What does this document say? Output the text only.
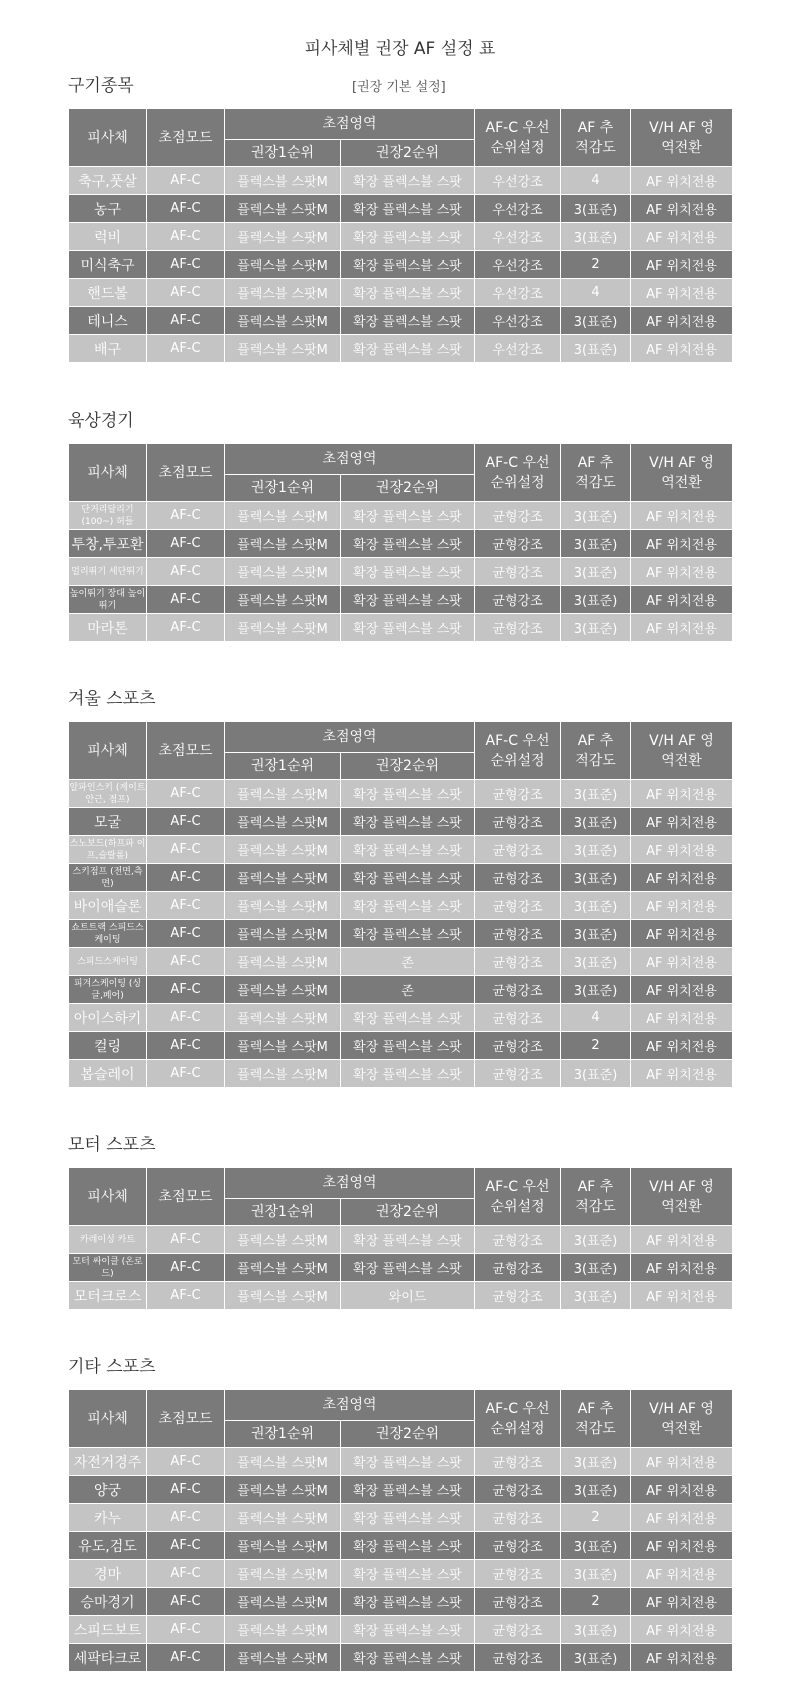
피사체별 권장 AF 설정 표
구기종목	[권장 기본 설정]
피사체	초점모드	초점영역		AF-C 우선 순위설정	AF 추적감도	V/H AF 영역전환
		권장1순위	권장2순위			
축구,풋살	AF-C	플렉스블 스팟M	확장 플렉스블 스팟	우선강조	4	AF 위치전용
농구	AF-C	플렉스블 스팟M	확장 플렉스블 스팟	우선강조	3(표준)	AF 위치전용
럭비	AF-C	플렉스블 스팟M	확장 플렉스블 스팟	우선강조	3(표준)	AF 위치전용
미식축구	AF-C	플렉스블 스팟M	확장 플렉스블 스팟	우선강조	2	AF 위치전용
핸드볼	AF-C	플렉스블 스팟M	확장 플렉스블 스팟	우선강조	4	AF 위치전용
테니스	AF-C	플렉스블 스팟M	확장 플렉스블 스팟	우선강조	3(표준)	AF 위치전용
배구	AF-C	플렉스블 스팟M	확장 플렉스블 스팟	우선강조	3(표준)	AF 위치전용
육상경기
피사체	초점모드	초점영역		AF-C 우선 순위설정	AF 추적감도	V/H AF 영역전환
		권장1순위	권장2순위			
단거리달리기 (100~) 허들	AF-C	플렉스블 스팟M	확장 플렉스블 스팟	균형강조	3(표준)	AF 위치전용
투창,투포환	AF-C	플렉스블 스팟M	확장 플렉스블 스팟	균형강조	3(표준)	AF 위치전용
멀리뛰기 세단뛰기	AF-C	플렉스블 스팟M	확장 플렉스블 스팟	균형강조	3(표준)	AF 위치전용
높이뛰기 장대 높이뛰기	AF-C	플렉스블 스팟M	확장 플렉스블 스팟	균형강조	3(표준)	AF 위치전용
마라톤	AF-C	플렉스블 스팟M	확장 플렉스블 스팟	균형강조	3(표준)	AF 위치전용
겨울 스포츠
피사체	초점모드	초점영역		AF-C 우선 순위설정	AF 추적감도	V/H AF 영역전환
		권장1순위	권장2순위			
알파인스키 (게이트 안근, 점프)	AF-C	플렉스블 스팟M	확장 플렉스블 스팟	균형강조	3(표준)	AF 위치전용
모굴	AF-C	플렉스블 스팟M	확장 플렉스블 스팟	균형강조	3(표준)	AF 위치전용
스노보드(하프파 이프,슬랄롬)	AF-C	플렉스블 스팟M	확장 플렉스블 스팟	균형강조	3(표준)	AF 위치전용
스키점프 (전면,측면)	AF-C	플렉스블 스팟M	확장 플렉스블 스팟	균형강조	3(표준)	AF 위치전용
바이애슬론	AF-C	플렉스블 스팟M	확장 플렉스블 스팟	균형강조	3(표준)	AF 위치전용
쇼트트랙 스피드스케이팅	AF-C	플렉스블 스팟M	확장 플렉스블 스팟	균형강조	3(표준)	AF 위치전용
스피드스케이팅	AF-C	플렉스블 스팟M	존	균형강조	3(표준)	AF 위치전용
피겨스케이팅 (싱글,페어)	AF-C	플렉스블 스팟M	존	균형강조	3(표준)	AF 위치전용
아이스하키	AF-C	플렉스블 스팟M	확장 플렉스블 스팟	균형강조	4	AF 위치전용
컬링	AF-C	플렉스블 스팟M	확장 플렉스블 스팟	균형강조	2	AF 위치전용
봅슬레이	AF-C	플렉스블 스팟M	확장 플렉스블 스팟	균형강조	3(표준)	AF 위치전용
모터 스포츠
피사체	초점모드	초점영역		AF-C 우선 순위설정	AF 추적감도	V/H AF 영역전환
		권장1순위	권장2순위			
카레이싱 카트	AF-C	플렉스블 스팟M	확장 플렉스블 스팟	균형강조	3(표준)	AF 위치전용
모터 싸이클 (온로드)	AF-C	플렉스블 스팟M	확장 플렉스블 스팟	균형강조	3(표준)	AF 위치전용
모터크로스	AF-C	플렉스블 스팟M	와이드	균형강조	3(표준)	AF 위치전용
기타 스포츠
피사체	초점모드	초점영역		AF-C 우선 순위설정	AF 추적감도	V/H AF 영역전환
		권장1순위	권장2순위			
자전거경주	AF-C	플렉스블 스팟M	확장 플렉스블 스팟	균형강조	3(표준)	AF 위치전용
양궁	AF-C	플렉스블 스팟M	확장 플렉스블 스팟	균형강조	3(표준)	AF 위치전용
카누	AF-C	플렉스블 스팟M	확장 플렉스블 스팟	균형강조	2	AF 위치전용
유도,검도	AF-C	플렉스블 스팟M	확장 플렉스블 스팟	균형강조	3(표준)	AF 위치전용
경마	AF-C	플렉스블 스팟M	확장 플렉스블 스팟	균형강조	3(표준)	AF 위치전용
승마경기	AF-C	플렉스블 스팟M	확장 플렉스블 스팟	균형강조	2	AF 위치전용
스피드보트	AF-C	플렉스블 스팟M	확장 플렉스블 스팟	균형강조	3(표준)	AF 위치전용
세팍타크로	AF-C	플렉스블 스팟M	확장 플렉스블 스팟	균형강조	3(표준)	AF 위치전용
